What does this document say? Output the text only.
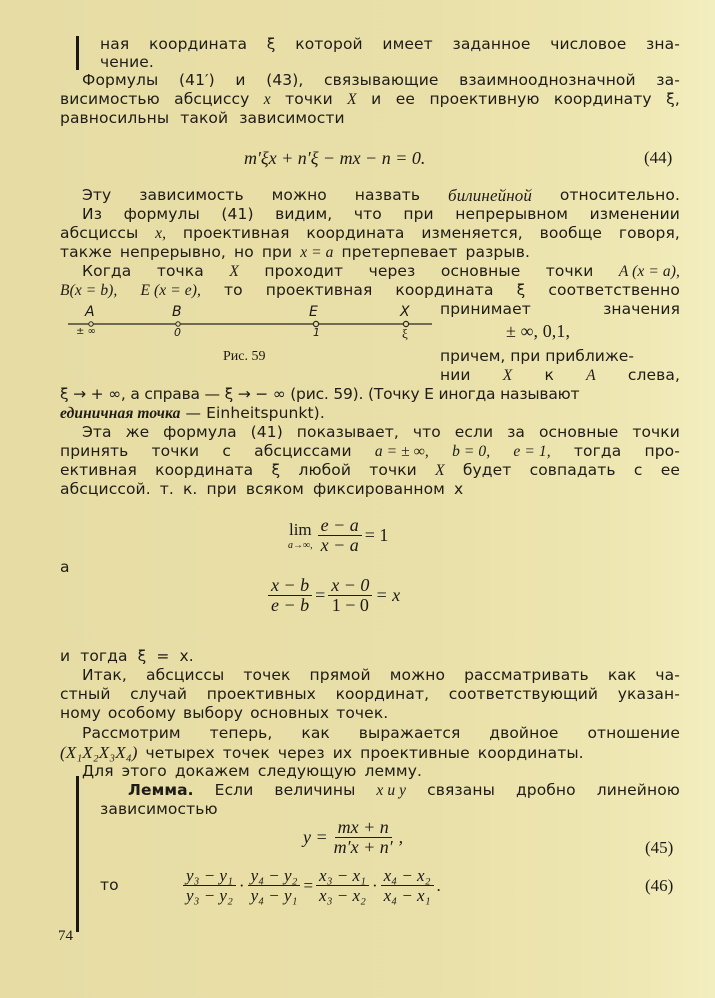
ная координата ξ которой имеет заданное числовое зна-
чение.
Формулы (41′) и (43), связывающие взаимнооднозначной за-
висимостью абсциссу x точки X и ее проективную координату ξ,
равносильны такой зависимости
m′ξx + n′ξ − mx − n = 0.	(44)
Эту зависимость можно назвать билинейной относительно.
Из формулы (41) видим, что при непрерывном изменении
абсциссы x, проективная координата изменяется, вообще говоря,
также непрерывно, но при x = a претерпевает разрыв.
Когда точка X проходит через основные точки A (x = a),
B(x = b), E (x = e), то проективная координата ξ соответственно
принимает	значения
A
± ∞
B
0
E
1
X
ξ
Рис. 59
± ∞, 0,1,
причем, при приближе-
нии X к A слева,
ξ → + ∞, а справа — ξ → − ∞ (рис. 59). (Точку E иногда называют
единичная точка — Einheitspunkt).
Эта же формула (41) показывает, что если за основные точки
принять точки с абсциссами a = ± ∞, b = 0, e = 1, тогда про-
ективная координата ξ любой точки X будет совпадать с ее
абсциссой. т. к. при всяком фиксированном x
lim
a→∞, $\frac{e - a}{x - a} = 1$
а
$\frac{x - b}{e - b} = \frac{x - 0}{1 - 0} = x$
и тогда ξ = x.
Итак, абсциссы точек прямой можно рассматривать как ча-
стный случай проективных координат, соответствующий указан-
ному особому выбору основных точек.
Рассмотрим теперь, как выражается двойное отношение
(X₁X₂X₃X₄) четырех точек через их проективные координаты.
Для этого докажем следующую лемму.
Лемма. Если величины x и y связаны дробно линейною
зависимостью
$y = \frac{mx + n}{m'x + n'}$ ,
(45)
то	$\frac{\text{y₃ − y₁}}{\text{y₃ − y₂}} \cdot \frac{\text{y₄ − y₂}}{\text{y₄ − y₁}} = \frac{\text{x₃ − x₁}}{\text{x₃ − x₂}} \cdot \frac{\text{x₄ − x₂}}{\text{x₄ − x₁}}$ .	(46)
74
